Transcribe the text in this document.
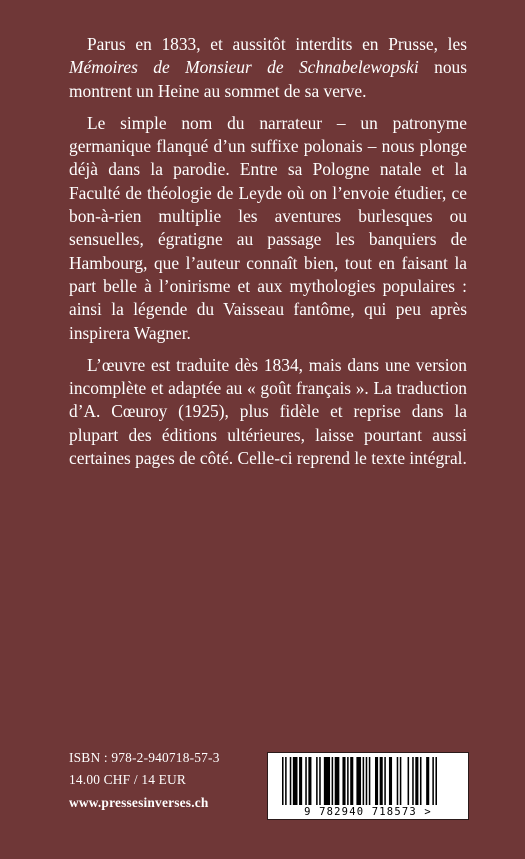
Parus en 1833, et aussitôt interdits en Prusse, les Mémoires de Monsieur de Schnabelewopski nous montrent un Heine au sommet de sa verve.

Le simple nom du narrateur – un patronyme germanique flanqué d’un suffixe polonais – nous plonge déjà dans la parodie. Entre sa Pologne natale et la Faculté de théologie de Leyde où on l’envoie étudier, ce bon-à-rien multiplie les aventures burlesques ou sensuelles, égratigne au passage les banquiers de Hambourg, que l’auteur connaît bien, tout en faisant la part belle à l’onirisme et aux mythologies populaires : ainsi la légende du Vaisseau fantôme, qui peu après inspirera Wagner.

L’œuvre est traduite dès 1834, mais dans une version incomplète et adaptée au « goût français ». La traduction d’A. Cœuroy (1925), plus fidèle et reprise dans la plupart des éditions ultérieures, laisse pourtant aussi certaines pages de côté. Celle-ci reprend le texte intégral.

ISBN : 978-2-940718-57-3
14.00 CHF / 14 EUR
www.pressesinverses.ch
9 782940 718573 >
